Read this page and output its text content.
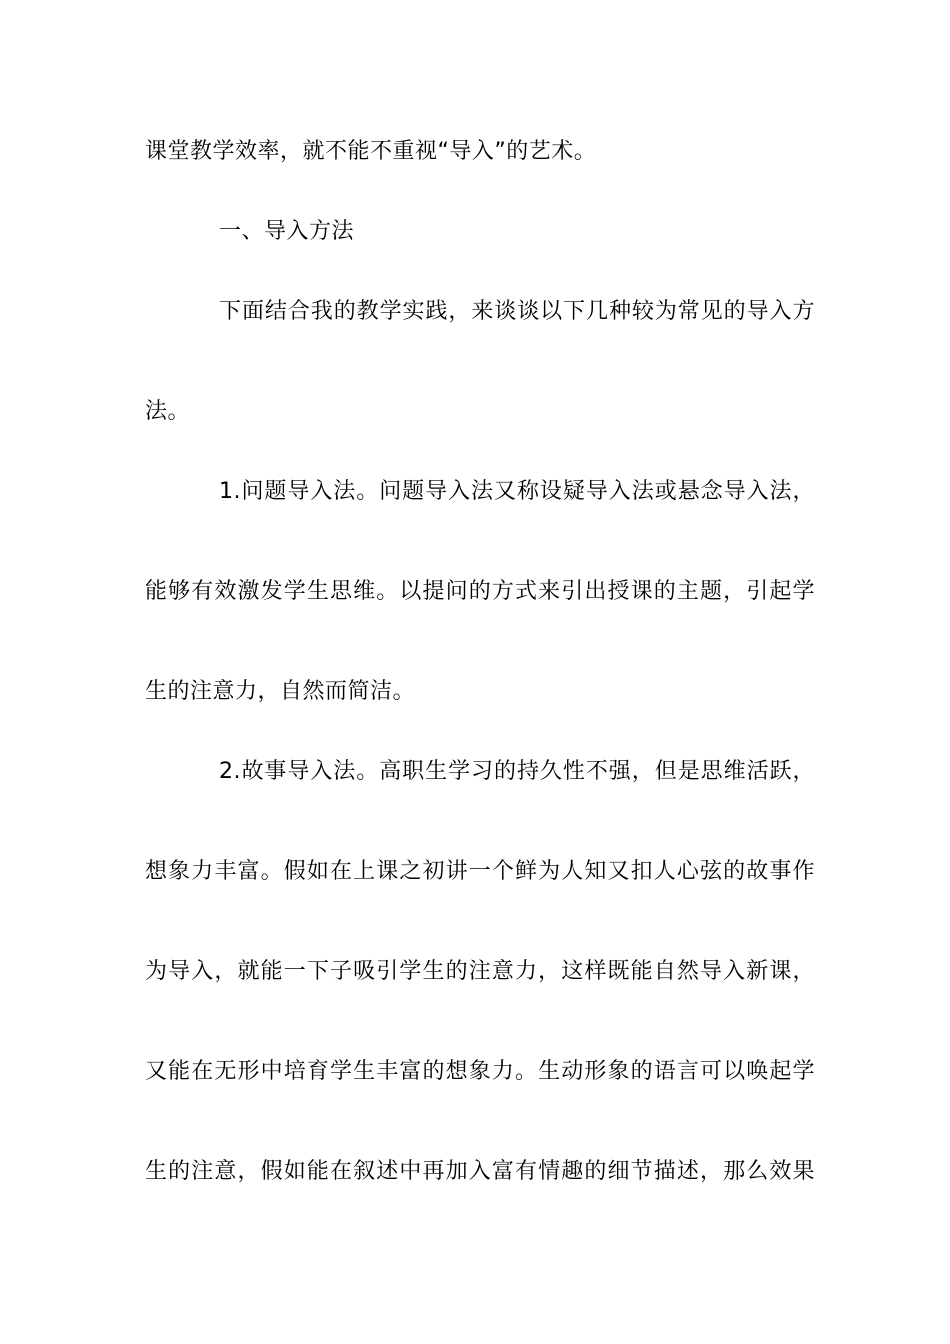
课堂教学效率，就不能不重视“导入”的艺术。
一、导入方法
下面结合我的教学实践，来谈谈以下几种较为常见的导入方
法。
1.问题导入法。问题导入法又称设疑导入法或悬念导入法，
能够有效激发学生思维。以提问的方式来引出授课的主题，引起学
生的注意力，自然而简洁。
2.故事导入法。高职生学习的持久性不强，但是思维活跃，
想象力丰富。假如在上课之初讲一个鲜为人知又扣人心弦的故事作
为导入，就能一下子吸引学生的注意力，这样既能自然导入新课，
又能在无形中培育学生丰富的想象力。生动形象的语言可以唤起学
生的注意，假如能在叙述中再加入富有情趣的细节描述，那么效果
